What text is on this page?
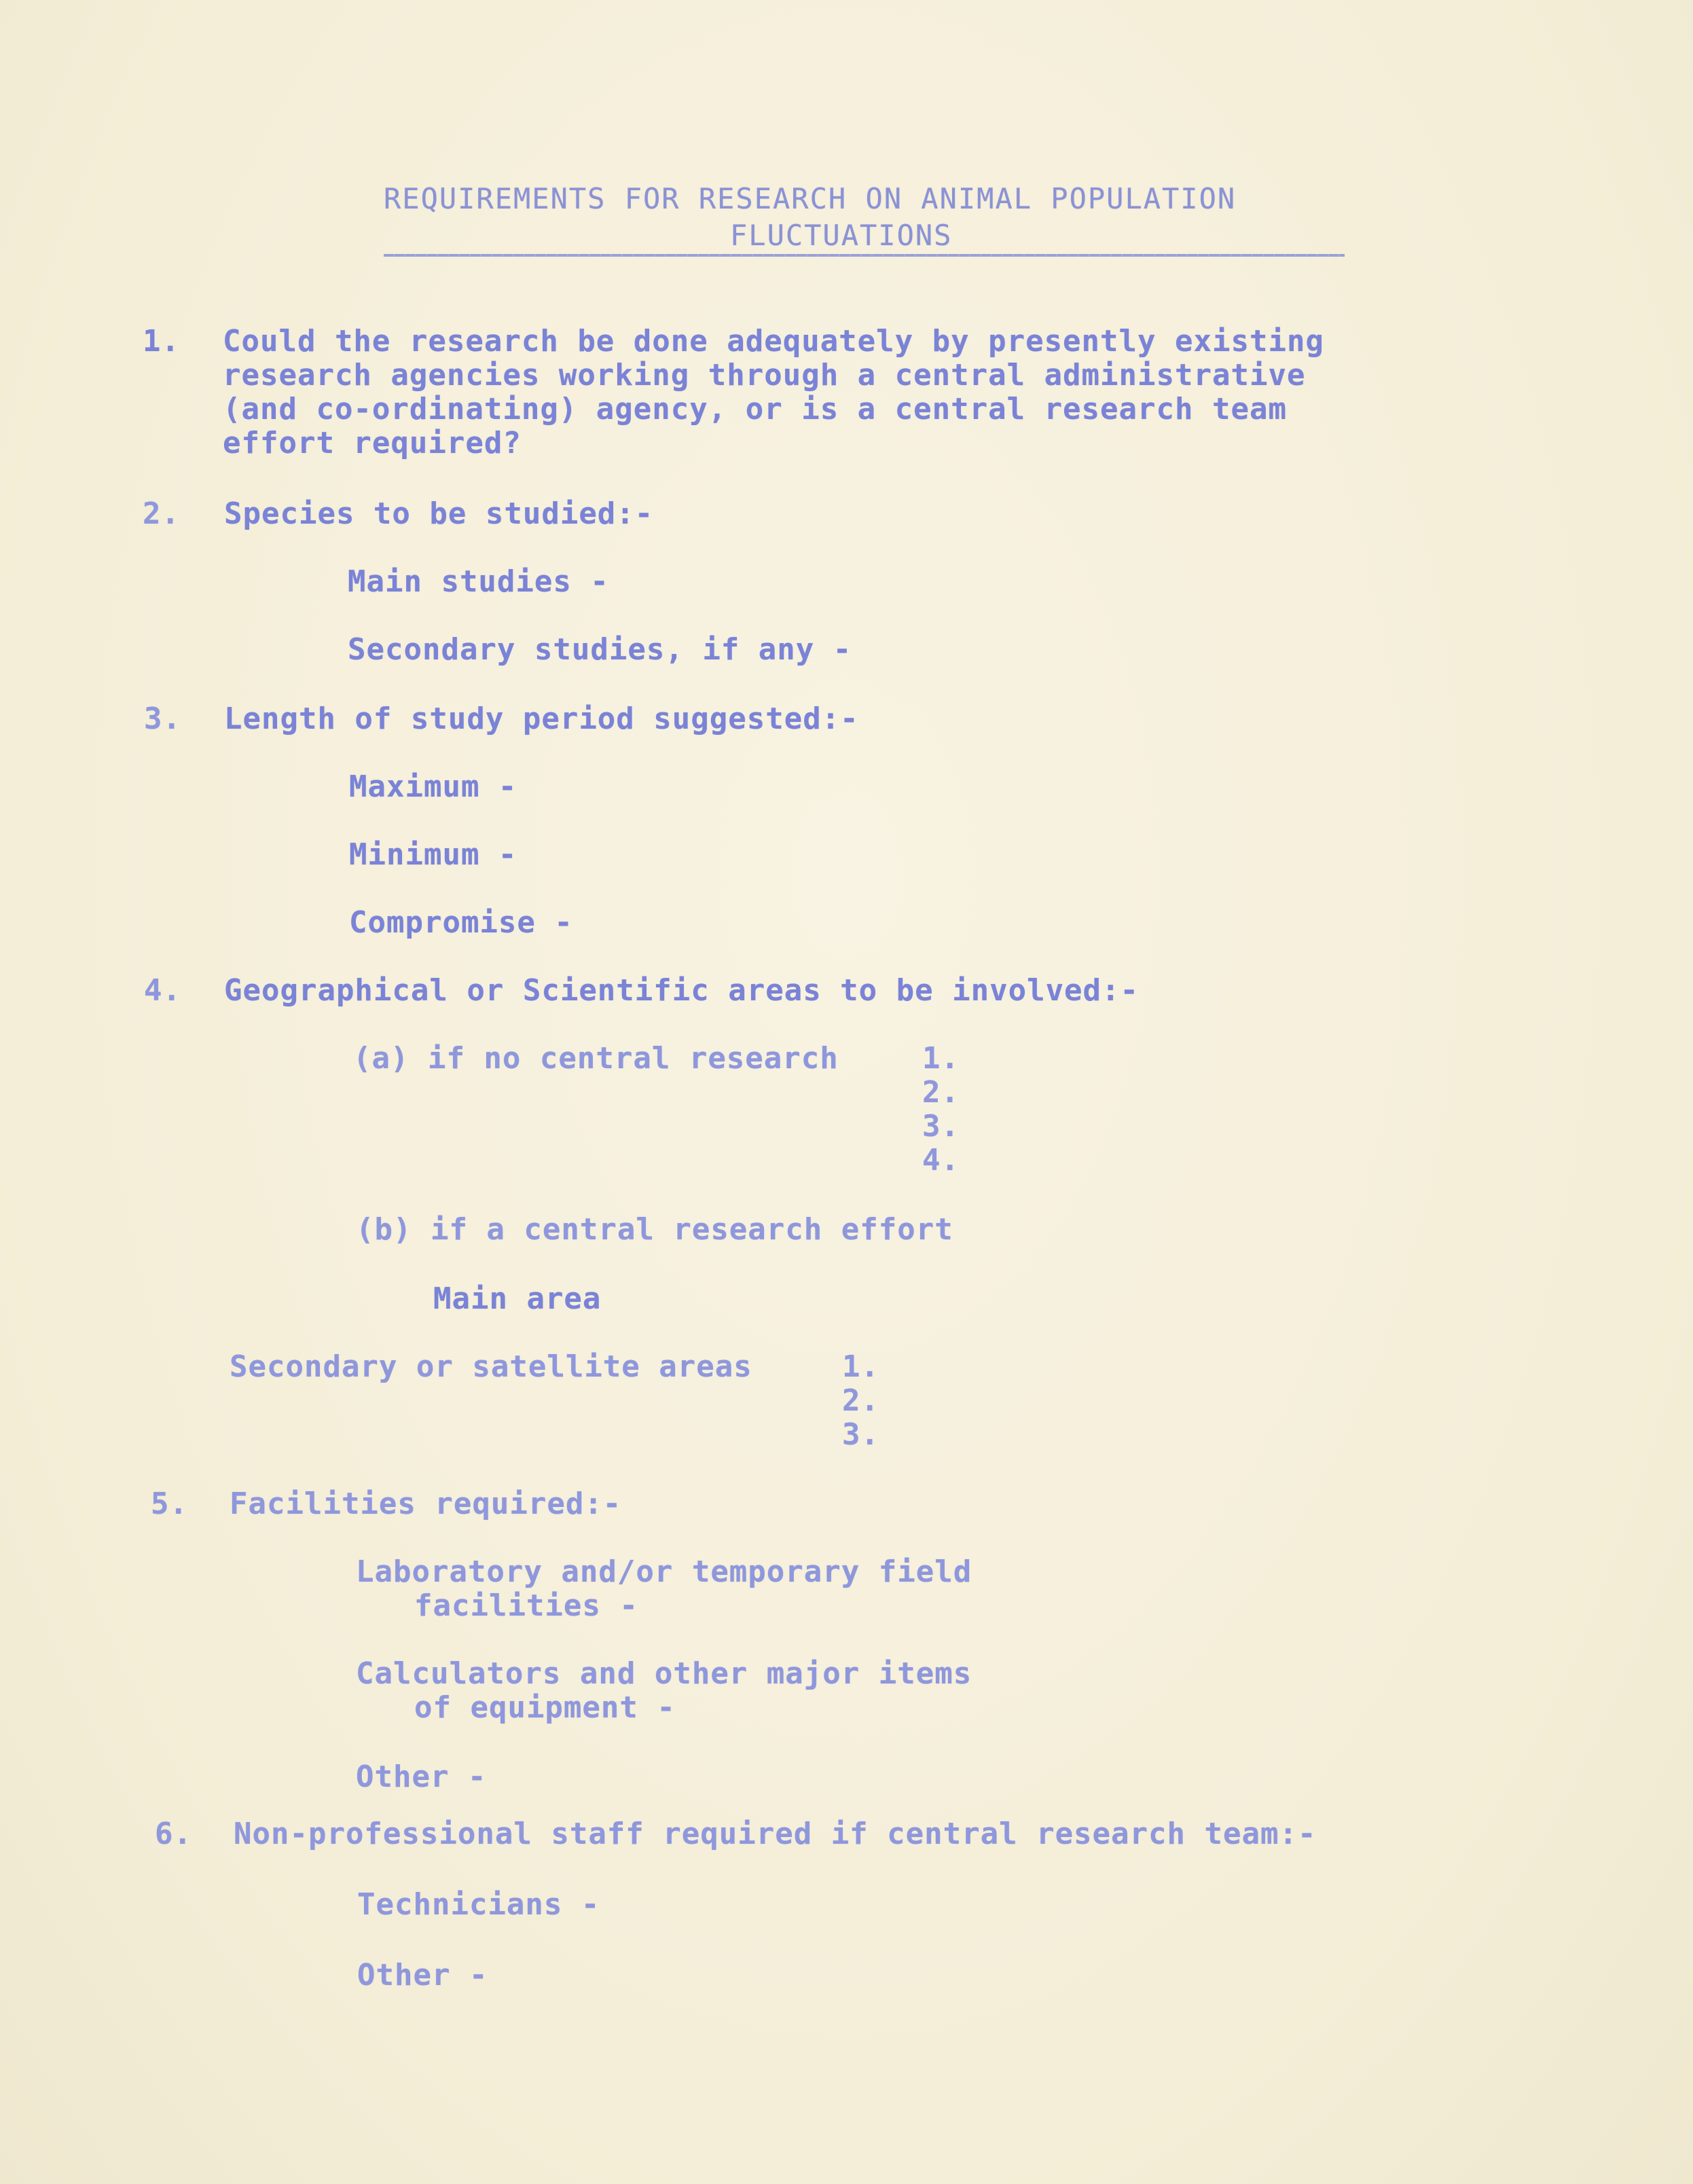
REQUIREMENTS FOR RESEARCH ON ANIMAL POPULATION
FLUCTUATIONS
1. Could the research be done adequately by presently existing
research agencies working through a central administrative
(and co-ordinating) agency, or is a central research team
effort required?
2. Species to be studied:-
Main studies -
Secondary studies, if any -
3. Length of study period suggested:-
Maximum -
Minimum -
Compromise -
4. Geographical or Scientific areas to be involved:-
(a) if no central research	1.
2.
3.
4.
(b) if a central research effort
Main area
Secondary or satellite areas	1.
2.
3.
5. Facilities required:-
Laboratory and/or temporary field
facilities -
Calculators and other major items
of equipment -
Other -
6. Non-professional staff required if central research team:-
Technicians -
Other -
